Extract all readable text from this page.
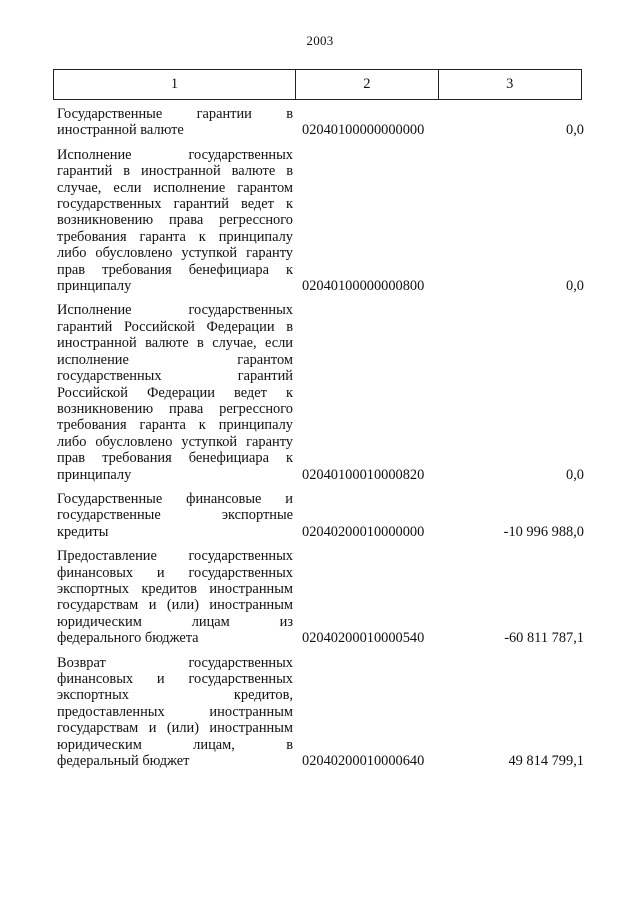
2003
1	2	3
Государственные гарантии в
иностранной валюте	02040100000000000	0,0
Исполнение государственных
гарантий в иностранной валюте в
случае, если исполнение гарантом
государственных гарантий ведет к
возникновению права регрессного
требования гаранта к принципалу
либо обусловлено уступкой гаранту
прав требования бенефициара к
принципалу	02040100000000800	0,0
Исполнение государственных
гарантий Российской Федерации в
иностранной валюте в случае, если
исполнение гарантом
государственных гарантий
Российской Федерации ведет к
возникновению права регрессного
требования гаранта к принципалу
либо обусловлено уступкой гаранту
прав требования бенефициара к
принципалу	02040100010000820	0,0
Государственные финансовые и
государственные экспортные
кредиты	02040200010000000	-10 996 988,0
Предоставление государственных
финансовых и государственных
экспортных кредитов иностранным
государствам и (или) иностранным
юридическим лицам из
федерального бюджета	02040200010000540	-60 811 787,1
Возврат государственных
финансовых и государственных
экспортных кредитов,
предоставленных иностранным
государствам и (или) иностранным
юридическим лицам, в
федеральный бюджет	02040200010000640	49 814 799,1
